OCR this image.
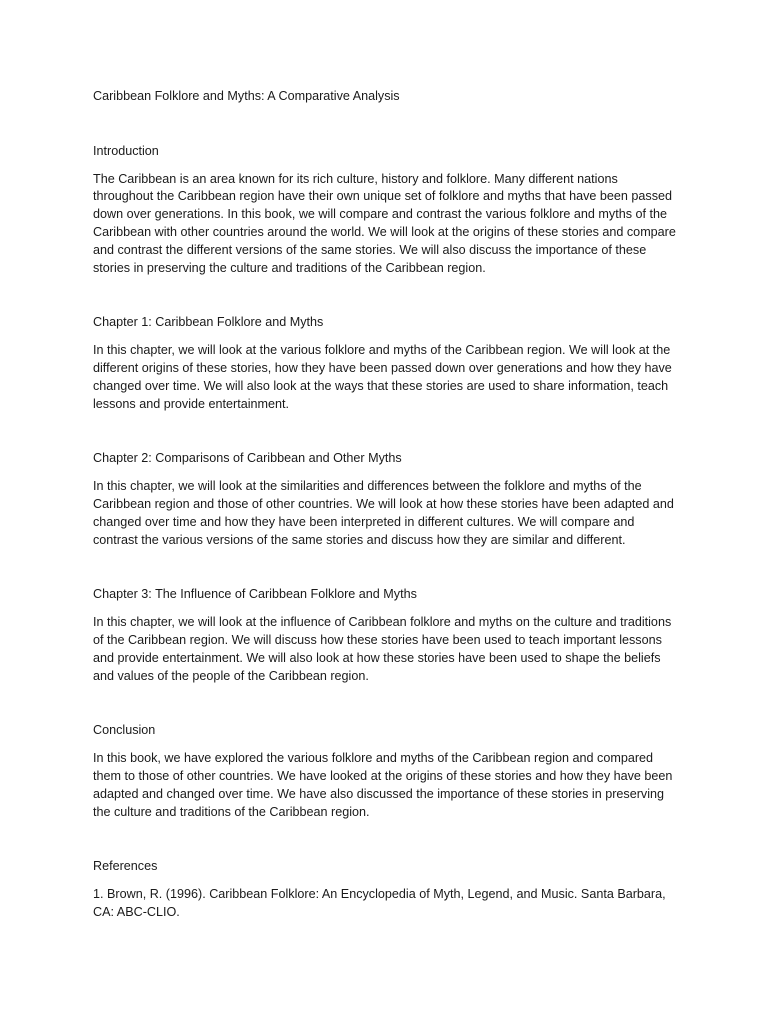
Caribbean Folklore and Myths: A Comparative Analysis
Introduction

The Caribbean is an area known for its rich culture, history and folklore. Many different nations throughout the Caribbean region have their own unique set of folklore and myths that have been passed down over generations. In this book, we will compare and contrast the various folklore and myths of the Caribbean with other countries around the world. We will look at the origins of these stories and compare and contrast the different versions of the same stories. We will also discuss the importance of these stories in preserving the culture and traditions of the Caribbean region.

Chapter 1: Caribbean Folklore and Myths

In this chapter, we will look at the various folklore and myths of the Caribbean region. We will look at the different origins of these stories, how they have been passed down over generations and how they have changed over time. We will also look at the ways that these stories are used to share information, teach lessons and provide entertainment.

Chapter 2: Comparisons of Caribbean and Other Myths

In this chapter, we will look at the similarities and differences between the folklore and myths of the Caribbean region and those of other countries. We will look at how these stories have been adapted and changed over time and how they have been interpreted in different cultures. We will compare and contrast the various versions of the same stories and discuss how they are similar and different.

Chapter 3: The Influence of Caribbean Folklore and Myths

In this chapter, we will look at the influence of Caribbean folklore and myths on the culture and traditions of the Caribbean region. We will discuss how these stories have been used to teach important lessons and provide entertainment. We will also look at how these stories have been used to shape the beliefs and values of the people of the Caribbean region.

Conclusion

In this book, we have explored the various folklore and myths of the Caribbean region and compared them to those of other countries. We have looked at the origins of these stories and how they have been adapted and changed over time. We have also discussed the importance of these stories in preserving the culture and traditions of the Caribbean region.

References
1. Brown, R. (1996). Caribbean Folklore: An Encyclopedia of Myth, Legend, and Music. Santa Barbara, CA: ABC-CLIO.
